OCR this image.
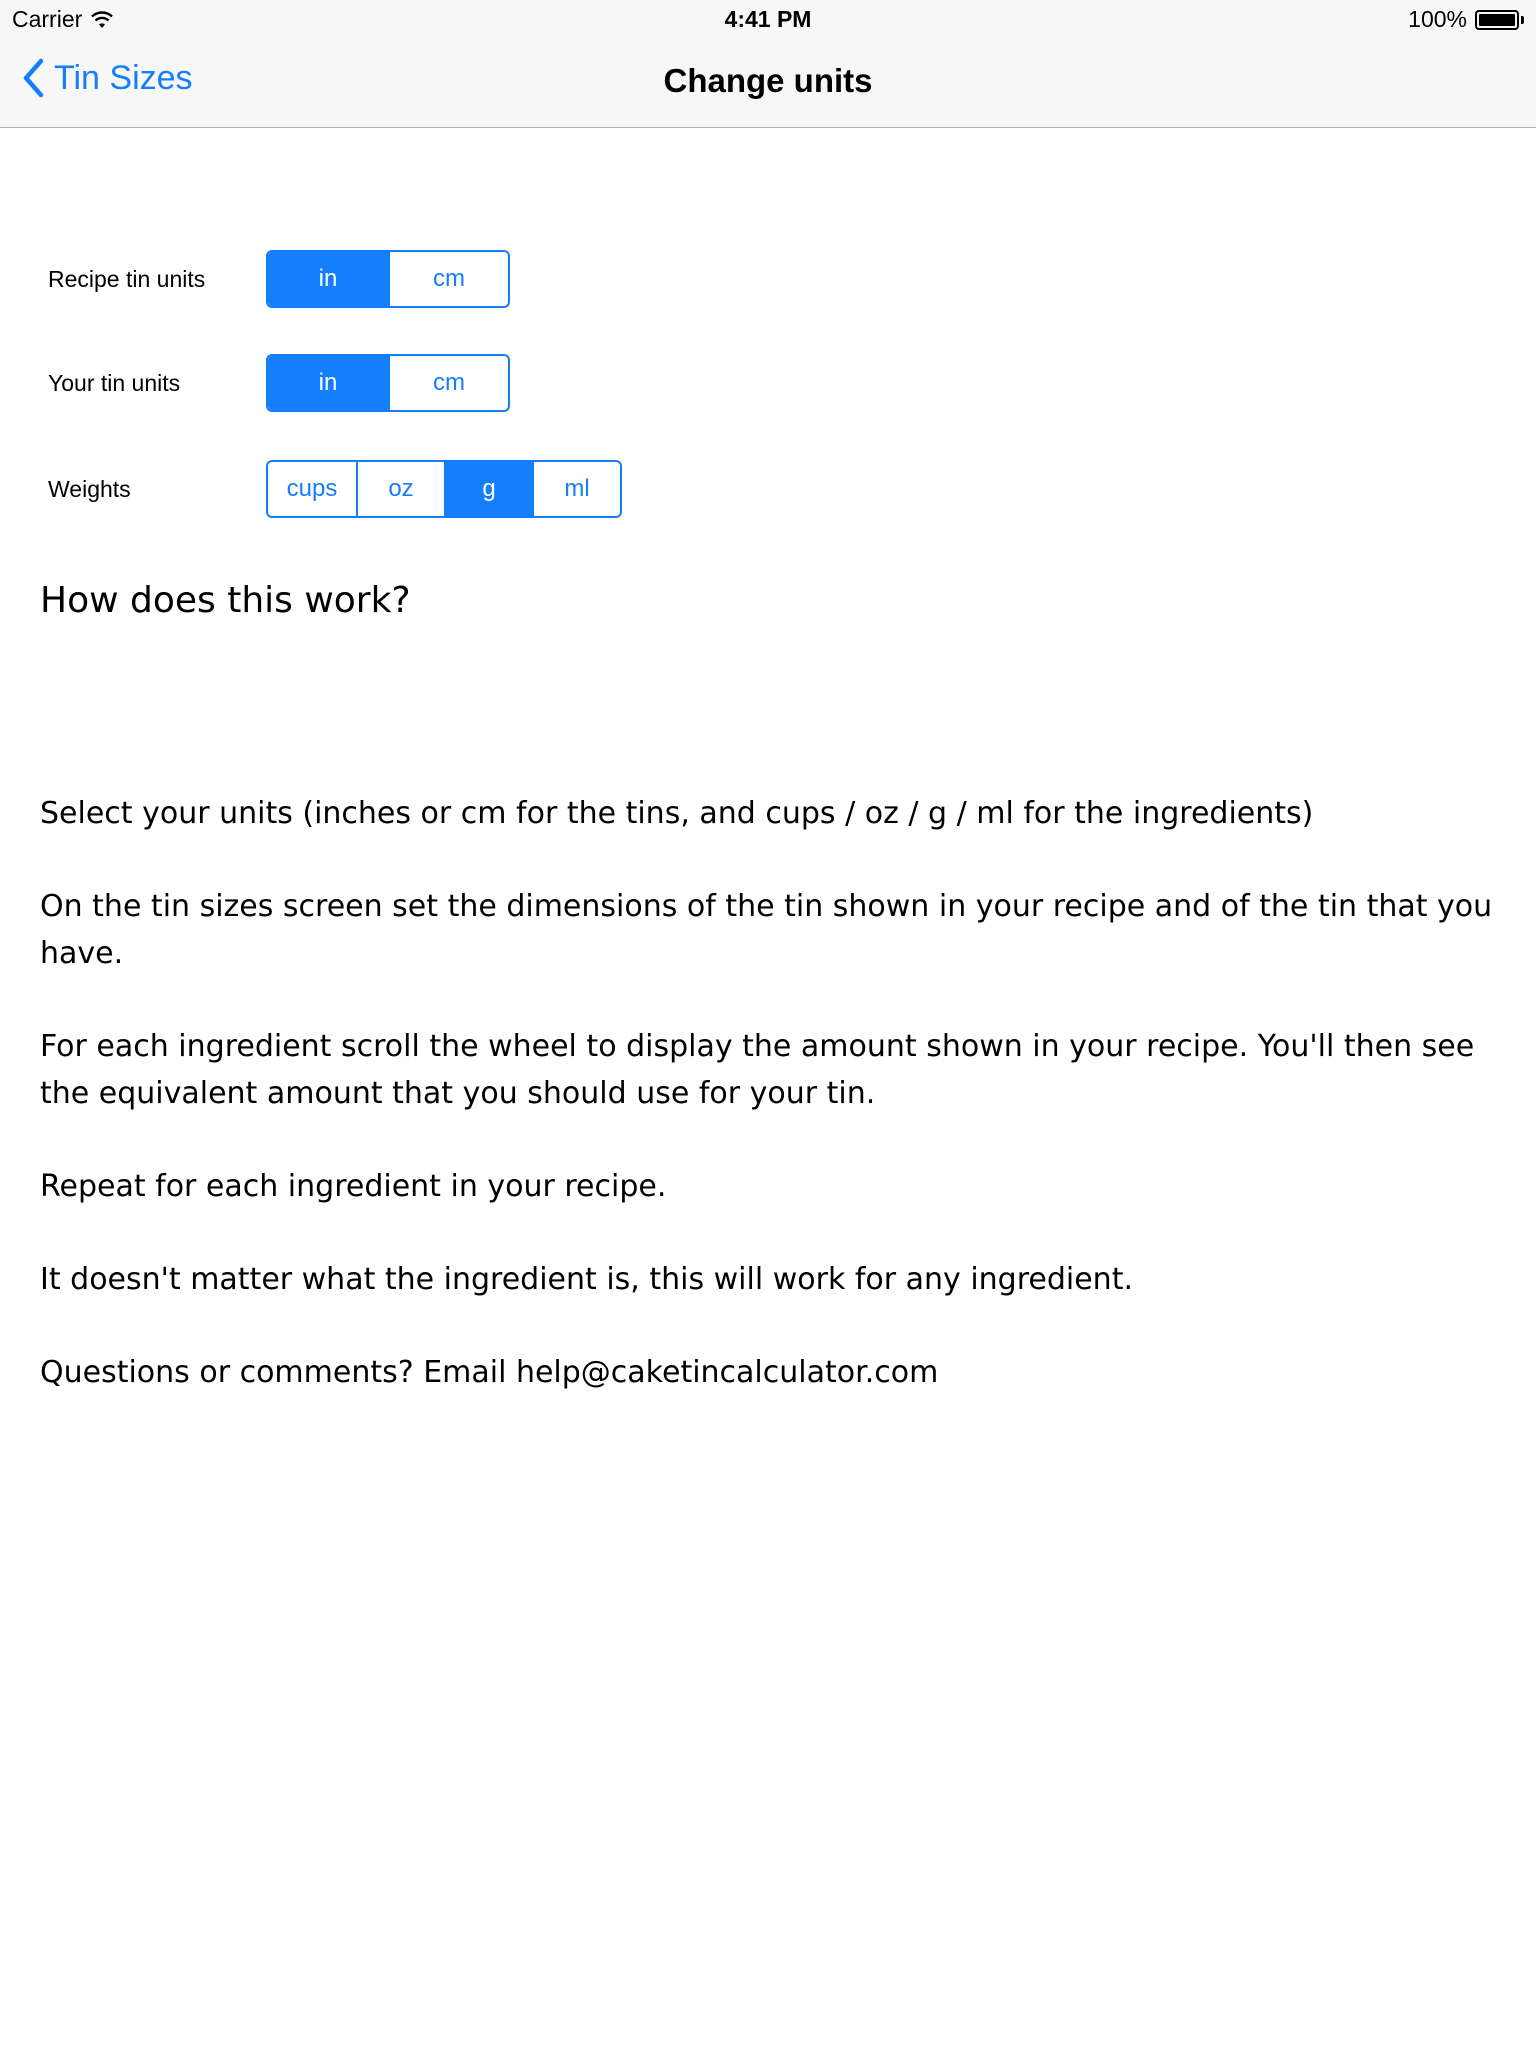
Carrier	4:41 PM	100%
Tin Sizes	Change units
Recipe tin units	in	cm
Your tin units	in	cm
Weights	cups	oz	g	ml
How does this work?

Select your units (inches or cm for the tins, and cups / oz / g / ml for the ingredients)

On the tin sizes screen set the dimensions of the tin shown in your recipe and of the tin that you have.

For each ingredient scroll the wheel to display the amount shown in your recipe. You'll then see the equivalent amount that you should use for your tin.

Repeat for each ingredient in your recipe.

It doesn't matter what the ingredient is, this will work for any ingredient.

Questions or comments? Email help@caketincalculator.com
